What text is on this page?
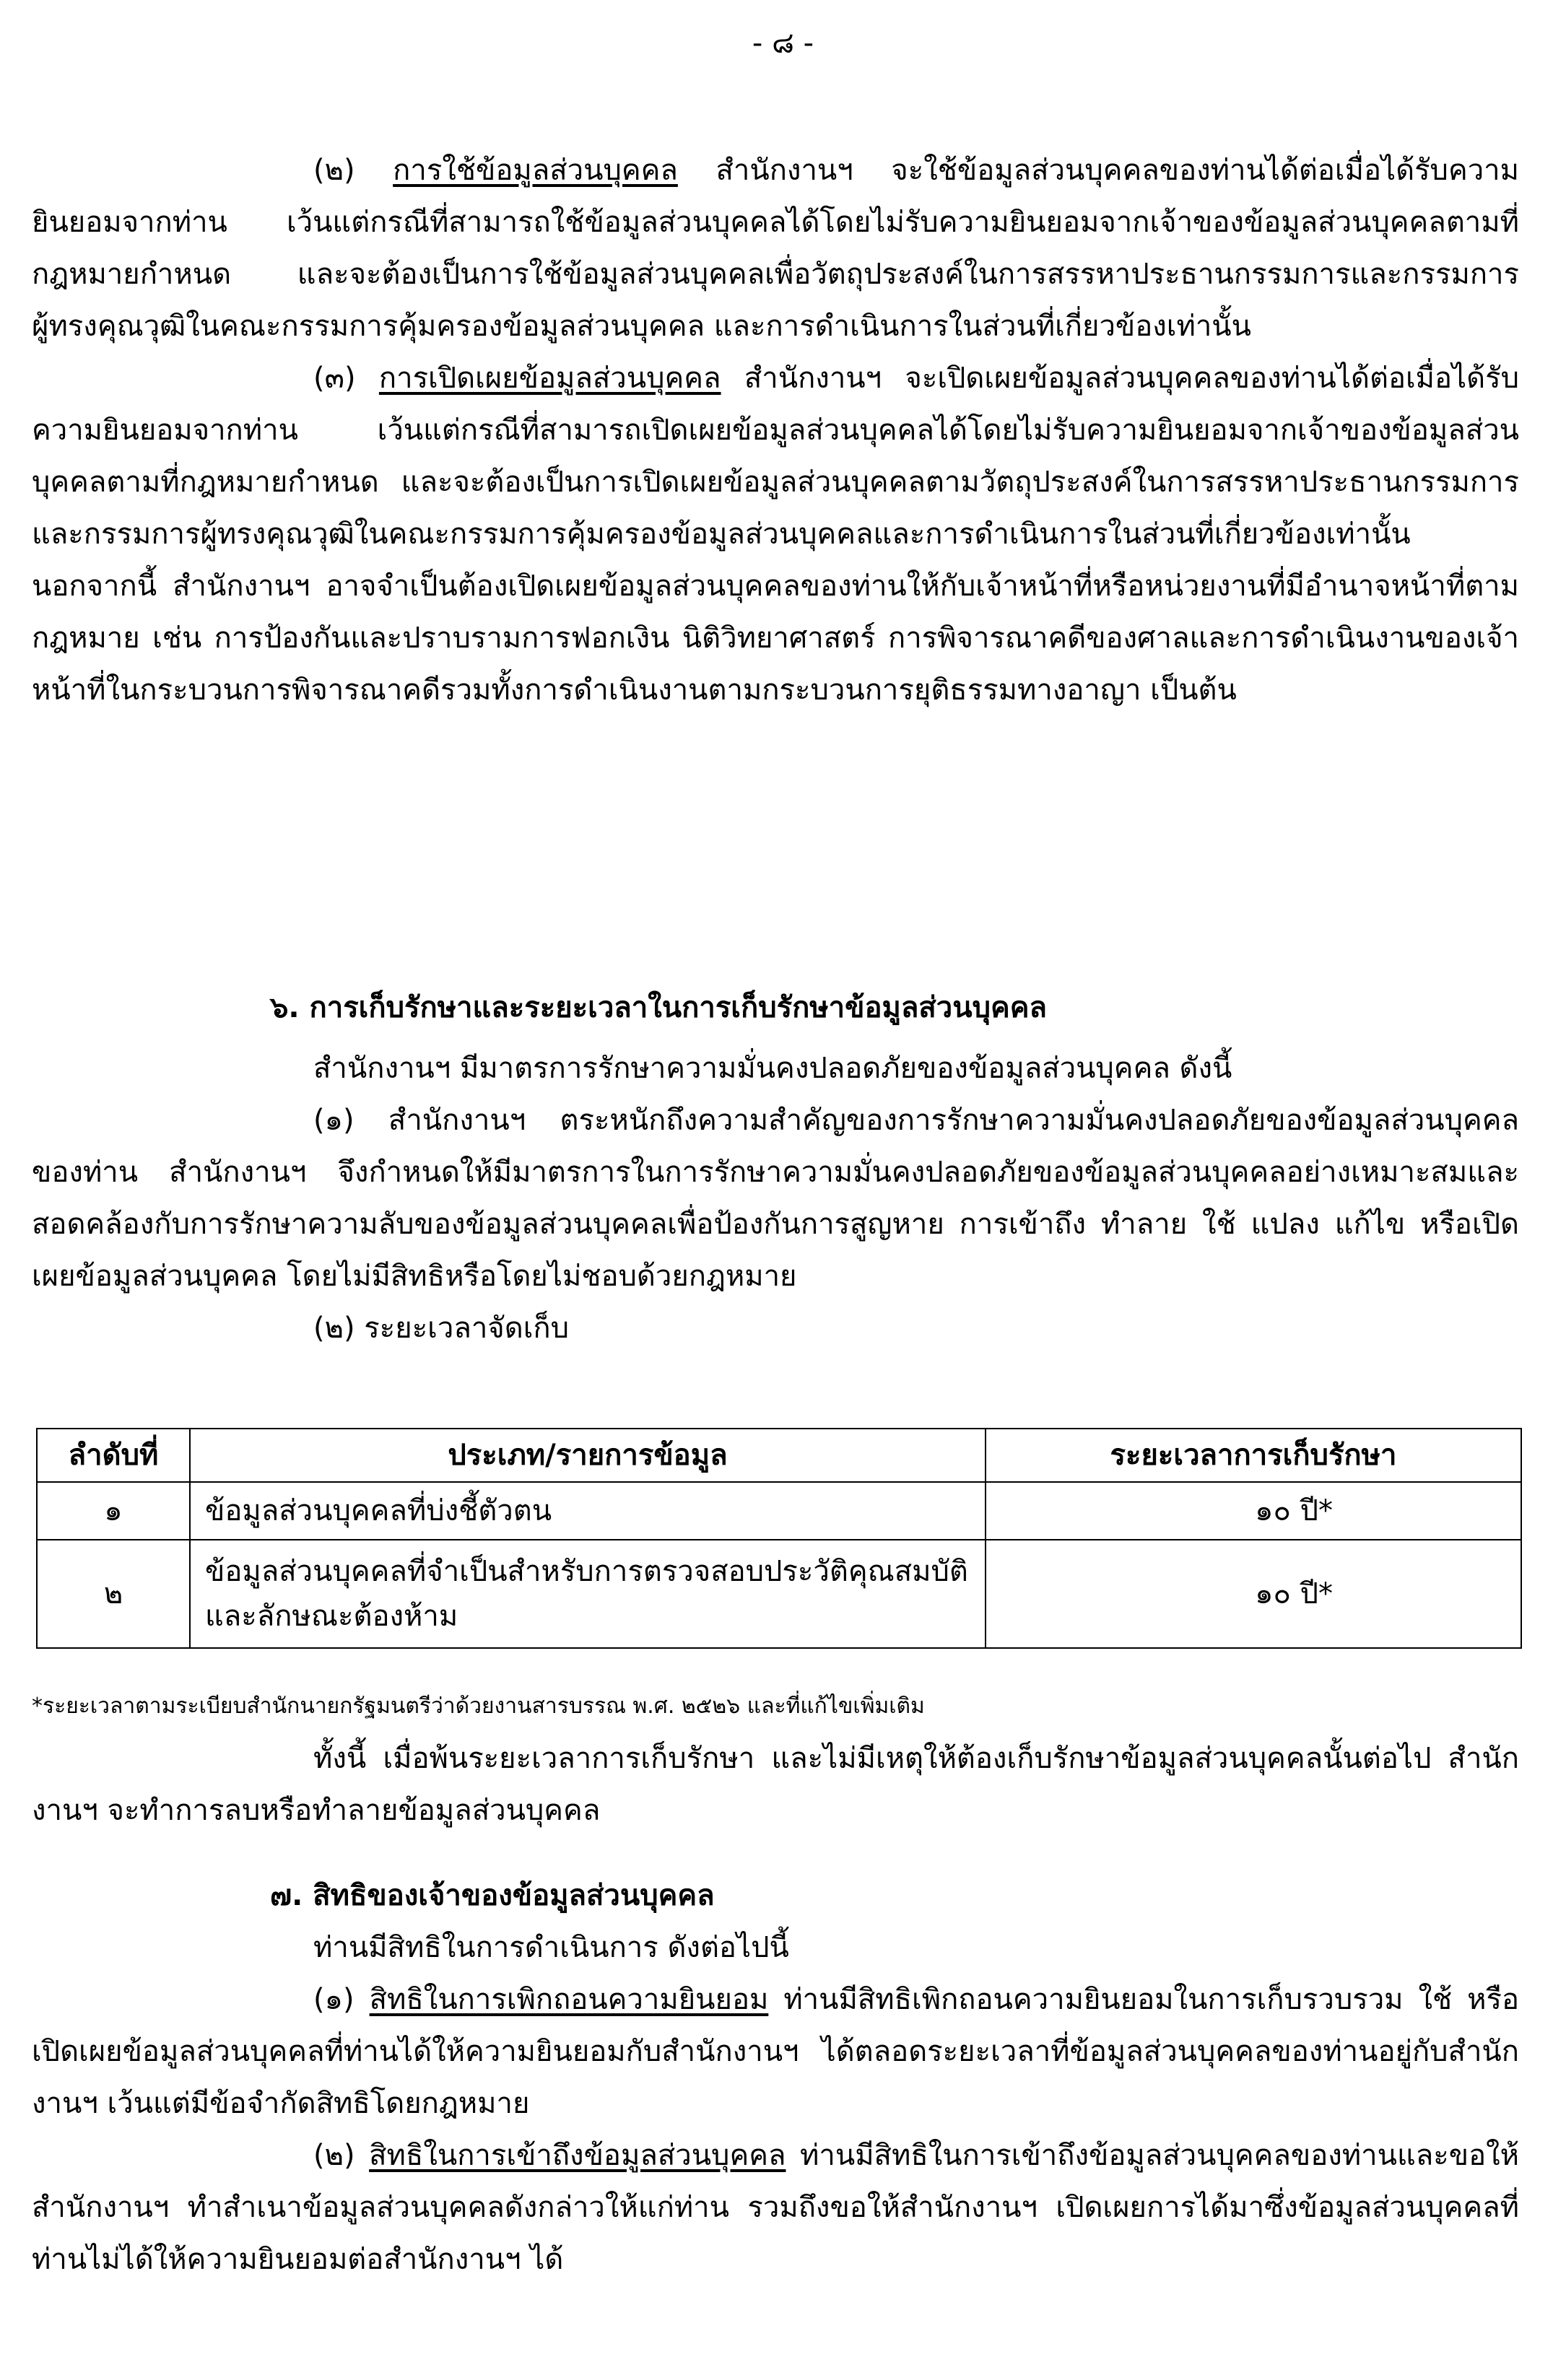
- ๘ -

(๒) การใช้ข้อมูลส่วนบุคคล สำนักงานฯ จะใช้ข้อมูลส่วนบุคคลของท่านได้ต่อเมื่อได้รับความยินยอมจากท่าน เว้นแต่กรณีที่สามารถใช้ข้อมูลส่วนบุคคลได้โดยไม่รับความยินยอมจากเจ้าของข้อมูลส่วนบุคคลตามที่กฎหมายกำหนด และจะต้องเป็นการใช้ข้อมูลส่วนบุคคลเพื่อวัตถุประสงค์ในการสรรหาประธานกรรมการและกรรมการผู้ทรงคุณวุฒิในคณะกรรมการคุ้มครองข้อมูลส่วนบุคคล และการดำเนินการในส่วนที่เกี่ยวข้องเท่านั้น

(๓) การเปิดเผยข้อมูลส่วนบุคคล สำนักงานฯ จะเปิดเผยข้อมูลส่วนบุคคลของท่านได้ต่อเมื่อได้รับความยินยอมจากท่าน เว้นแต่กรณีที่สามารถเปิดเผยข้อมูลส่วนบุคคลได้โดยไม่รับความยินยอมจากเจ้าของข้อมูลส่วนบุคคลตามที่กฎหมายกำหนด และจะต้องเป็นการเปิดเผยข้อมูลส่วนบุคคลตามวัตถุประสงค์ในการสรรหาประธานกรรมการและกรรมการผู้ทรงคุณวุฒิในคณะกรรมการคุ้มครองข้อมูลส่วนบุคคลและการดำเนินการในส่วนที่เกี่ยวข้องเท่านั้น นอกจากนี้ สำนักงานฯ อาจจำเป็นต้องเปิดเผยข้อมูลส่วนบุคคลของท่านให้กับเจ้าหน้าที่หรือหน่วยงานที่มีอำนาจหน้าที่ตามกฎหมาย เช่น การป้องกันและปราบรามการฟอกเงิน นิติวิทยาศาสตร์ การพิจารณาคดีของศาลและการดำเนินงานของเจ้าหน้าที่ในกระบวนการพิจารณาคดีรวมทั้งการดำเนินงานตามกระบวนการยุติธรรมทางอาญา เป็นต้น

๖. การเก็บรักษาและระยะเวลาในการเก็บรักษาข้อมูลส่วนบุคคล

สำนักงานฯ มีมาตรการรักษาความมั่นคงปลอดภัยของข้อมูลส่วนบุคคล ดังนี้

(๑) สำนักงานฯ ตระหนักถึงความสำคัญของการรักษาความมั่นคงปลอดภัยของข้อมูลส่วนบุคคลของท่าน สำนักงานฯ จึงกำหนดให้มีมาตรการในการรักษาความมั่นคงปลอดภัยของข้อมูลส่วนบุคคลอย่างเหมาะสมและสอดคล้องกับการรักษาความลับของข้อมูลส่วนบุคคลเพื่อป้องกันการสูญหาย การเข้าถึง ทำลาย ใช้ แปลง แก้ไข หรือเปิดเผยข้อมูลส่วนบุคคล โดยไม่มีสิทธิหรือโดยไม่ชอบด้วยกฎหมาย

(๒) ระยะเวลาจัดเก็บ

ลำดับที่	ประเภท/รายการข้อมูล	ระยะเวลาการเก็บรักษา
๑	ข้อมูลส่วนบุคคลที่บ่งชี้ตัวตน	๑๐ ปี*
๒	ข้อมูลส่วนบุคคลที่จำเป็นสำหรับการตรวจสอบประวัติคุณสมบัติและลักษณะต้องห้าม	๑๐ ปี*
*ระยะเวลาตามระเบียบสำนักนายกรัฐมนตรีว่าด้วยงานสารบรรณ พ.ศ. ๒๕๒๖ และที่แก้ไขเพิ่มเติม

ทั้งนี้ เมื่อพ้นระยะเวลาการเก็บรักษา และไม่มีเหตุให้ต้องเก็บรักษาข้อมูลส่วนบุคคลนั้นต่อไป สำนักงานฯ จะทำการลบหรือทำลายข้อมูลส่วนบุคคล

๗. สิทธิของเจ้าของข้อมูลส่วนบุคคล

ท่านมีสิทธิในการดำเนินการ ดังต่อไปนี้

(๑) สิทธิในการเพิกถอนความยินยอม ท่านมีสิทธิเพิกถอนความยินยอมในการเก็บรวบรวม ใช้ หรือเปิดเผยข้อมูลส่วนบุคคลที่ท่านได้ให้ความยินยอมกับสำนักงานฯ ได้ตลอดระยะเวลาที่ข้อมูลส่วนบุคคลของท่านอยู่กับสำนักงานฯ เว้นแต่มีข้อจำกัดสิทธิโดยกฎหมาย

(๒) สิทธิในการเข้าถึงข้อมูลส่วนบุคคล ท่านมีสิทธิในการเข้าถึงข้อมูลส่วนบุคคลของท่านและขอให้สำนักงานฯ ทำสำเนาข้อมูลส่วนบุคคลดังกล่าวให้แก่ท่าน รวมถึงขอให้สำนักงานฯ เปิดเผยการได้มาซึ่งข้อมูลส่วนบุคคลที่ท่านไม่ได้ให้ความยินยอมต่อสำนักงานฯ ได้
